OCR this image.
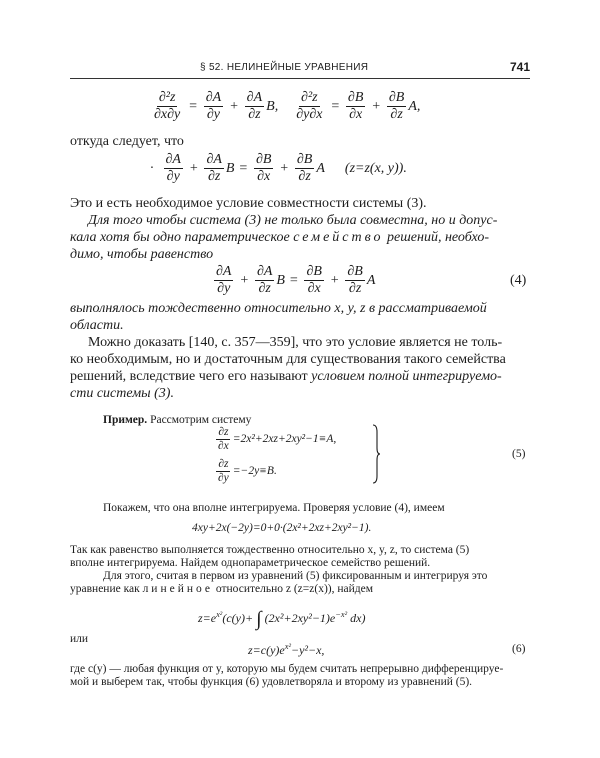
§ 52. НЕЛИНЕЙНЫЕ УРАВНЕНИЯ	741
$\frac{\text{∂²z}}{\partial x\partial y} = \frac{\partial A}{\partial y} + \frac{\partial A}{\partial z} B$, $\frac{\text{∂²z}}{\partial y\partial x} = \frac{\partial B}{\partial x} + \frac{\partial B}{\partial z} A$,
откуда следует, что
·
∂A
∂y
+ $\frac{\partial A}{\partial z}$ $B = \frac{\partial B}{\partial x} + \frac{\partial B}{\partial z}$ A (z=z(x, y)).
Это и есть необходимое условие совместности системы (3).
Для того чтобы система (3) не только была совместна, но и допус-
кала хотя бы одно параметрическое семейство решений, необхо-
димо, чтобы равенство
∂A
∂y
+ $\frac{\partial A}{\partial z}$ $B = \frac{\partial B}{\partial x} + \frac{\partial B}{\partial z}$ A	(4)
выполнялось тождественно относительно x, y, z в рассматриваемой
области.
Можно доказать [140, с. 357—359], что это условие является не толь-
ко необходимым, но и достаточным для существования такого семейства
решений, вследствие чего его называют условием полной интегрируемо-
сти системы (3).
Пример. Рассмотрим систему
$\frac{\partial z}{\partial x} =2x^2+2xz+2xy^2-1\equiv A$,
$\frac{\partial z}{\partial y} =-2y\equiv B$.
(5)
Покажем, что она вполне интегрируема. Проверяя условие (4), имеем
4xy+2x(−2y)=0+0·(2x²+2xz+2xy²−1).
Так как равенство выполняется тождественно относительно x, y, z, то система (5)
вполне интегрируема. Найдем однопараметрическое семейство решений.
Для этого, считая в первом из уравнений (5) фиксированным и интегрируя это
уравнение как линейное относительно z (z=z(x)), найдем
$z=e^{x^2}(c(y)+$ ∫ $(2x^2+2xy^2-1)e^{-x^2}$ dx)
или
$z=c(y)e^{x^2}-y^2-x$,	(6)
где c(y) — любая функция от y, которую мы будем считать непрерывно дифференцируе-
мой и выберем так, чтобы функция (6) удовлетворяла и второму из уравнений (5).
